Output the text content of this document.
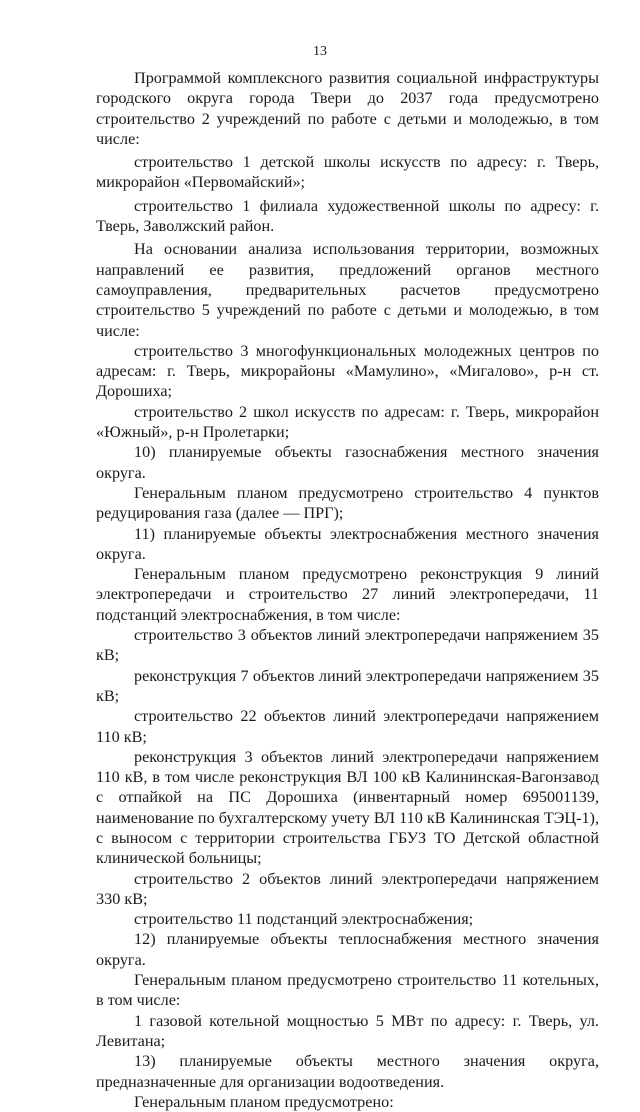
13

Программой комплексного развития социальной инфраструктуры городского округа города Твери до 2037 года предусмотрено строительство 2 учреждений по работе с детьми и молодежью, в том числе:

строительство 1 детской школы искусств по адресу: г. Тверь, микрорайон «Первомайский»;

строительство 1 филиала художественной школы по адресу: г. Тверь, Заволжский район.

На основании анализа использования территории, возможных направлений ее развития, предложений органов местного самоуправления, предварительных расчетов предусмотрено строительство 5 учреждений по работе с детьми и молодежью, в том числе:

строительство 3 многофункциональных молодежных центров по адресам: г. Тверь, микрорайоны «Мамулино», «Мигалово», р-н ст. Дорошиха;

строительство 2 школ искусств по адресам: г. Тверь, микрорайон «Южный», р-н Пролетарки;

10) планируемые объекты газоснабжения местного значения округа.

Генеральным планом предусмотрено строительство 4 пунктов редуцирования газа (далее — ПРГ);

11) планируемые объекты электроснабжения местного значения округа.

Генеральным планом предусмотрено реконструкция 9 линий электропередачи и строительство 27 линий электропередачи, 11 подстанций электроснабжения, в том числе:

строительство 3 объектов линий электропередачи напряжением 35 кВ;

реконструкция 7 объектов линий электропередачи напряжением 35 кВ;

строительство 22 объектов линий электропередачи напряжением 110 кВ;

реконструкция 3 объектов линий электропередачи напряжением 110 кВ, в том числе реконструкция ВЛ 100 кВ Калининская-Вагонзавод с отпайкой на ПС Дорошиха (инвентарный номер 695001139, наименование по бухгалтерскому учету ВЛ 110 кВ Калининская ТЭЦ-1), с выносом с территории строительства ГБУЗ ТО Детской областной клинической больницы;

строительство 2 объектов линий электропередачи напряжением 330 кВ;

строительство 11 подстанций электроснабжения;

12) планируемые объекты теплоснабжения местного значения округа.

Генеральным планом предусмотрено строительство 11 котельных, в том числе:

1 газовой котельной мощностью 5 МВт по адресу: г. Тверь, ул. Левитана;

13) планируемые объекты местного значения округа, предназначенные для организации водоотведения.

Генеральным планом предусмотрено:
